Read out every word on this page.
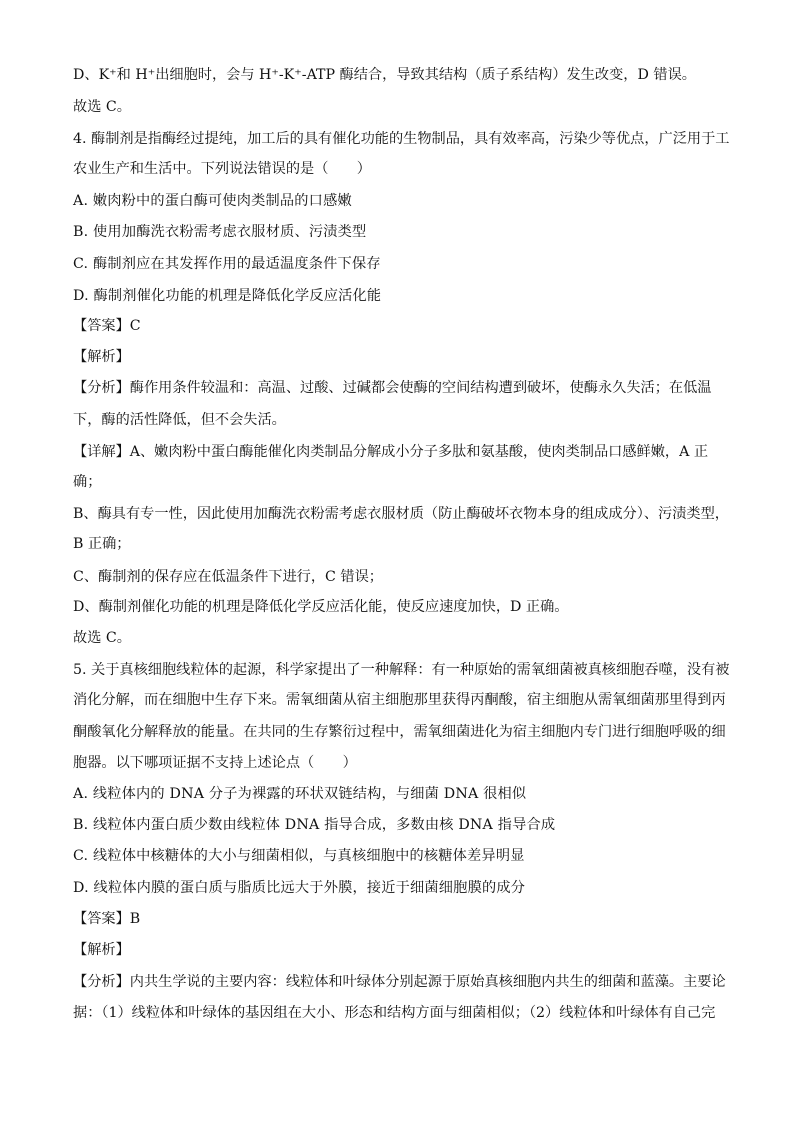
D、K⁺和 H⁺出细胞时，会与 H⁺-K⁺-ATP 酶结合，导致其结构（质子系结构）发生改变，D 错误。
故选 C。
4. 酶制剂是指酶经过提纯，加工后的具有催化功能的生物制品，具有效率高，污染少等优点，广泛用于工
农业生产和生活中。下列说法错误的是（　　）
A. 嫩肉粉中的蛋白酶可使肉类制品的口感嫩
B. 使用加酶洗衣粉需考虑衣服材质、污渍类型
C. 酶制剂应在其发挥作用的最适温度条件下保存
D. 酶制剂催化功能的机理是降低化学反应活化能
【答案】C
【解析】
【分析】酶作用条件较温和：高温、过酸、过碱都会使酶的空间结构遭到破坏，使酶永久失活；在低温
下，酶的活性降低，但不会失活。
【详解】A、嫩肉粉中蛋白酶能催化肉类制品分解成小分子多肽和氨基酸，使肉类制品口感鲜嫩，A 正
确；
B、酶具有专一性，因此使用加酶洗衣粉需考虑衣服材质（防止酶破坏衣物本身的组成成分）、污渍类型，
B 正确；
C、酶制剂的保存应在低温条件下进行，C 错误；
D、酶制剂催化功能的机理是降低化学反应活化能，使反应速度加快，D 正确。
故选 C。
5. 关于真核细胞线粒体的起源，科学家提出了一种解释：有一种原始的需氧细菌被真核细胞吞噬，没有被
消化分解，而在细胞中生存下来。需氧细菌从宿主细胞那里获得丙酮酸，宿主细胞从需氧细菌那里得到丙
酮酸氧化分解释放的能量。在共同的生存繁衍过程中，需氧细菌进化为宿主细胞内专门进行细胞呼吸的细
胞器。以下哪项证据不支持上述论点（　　）
A. 线粒体内的 DNA 分子为裸露的环状双链结构，与细菌 DNA 很相似
B. 线粒体内蛋白质少数由线粒体 DNA 指导合成，多数由核 DNA 指导合成
C. 线粒体中核糖体的大小与细菌相似，与真核细胞中的核糖体差异明显
D. 线粒体内膜的蛋白质与脂质比远大于外膜，接近于细菌细胞膜的成分
【答案】B
【解析】
【分析】内共生学说的主要内容：线粒体和叶绿体分别起源于原始真核细胞内共生的细菌和蓝藻。主要论
据：（1）线粒体和叶绿体的基因组在大小、形态和结构方面与细菌相似；（2）线粒体和叶绿体有自己完
